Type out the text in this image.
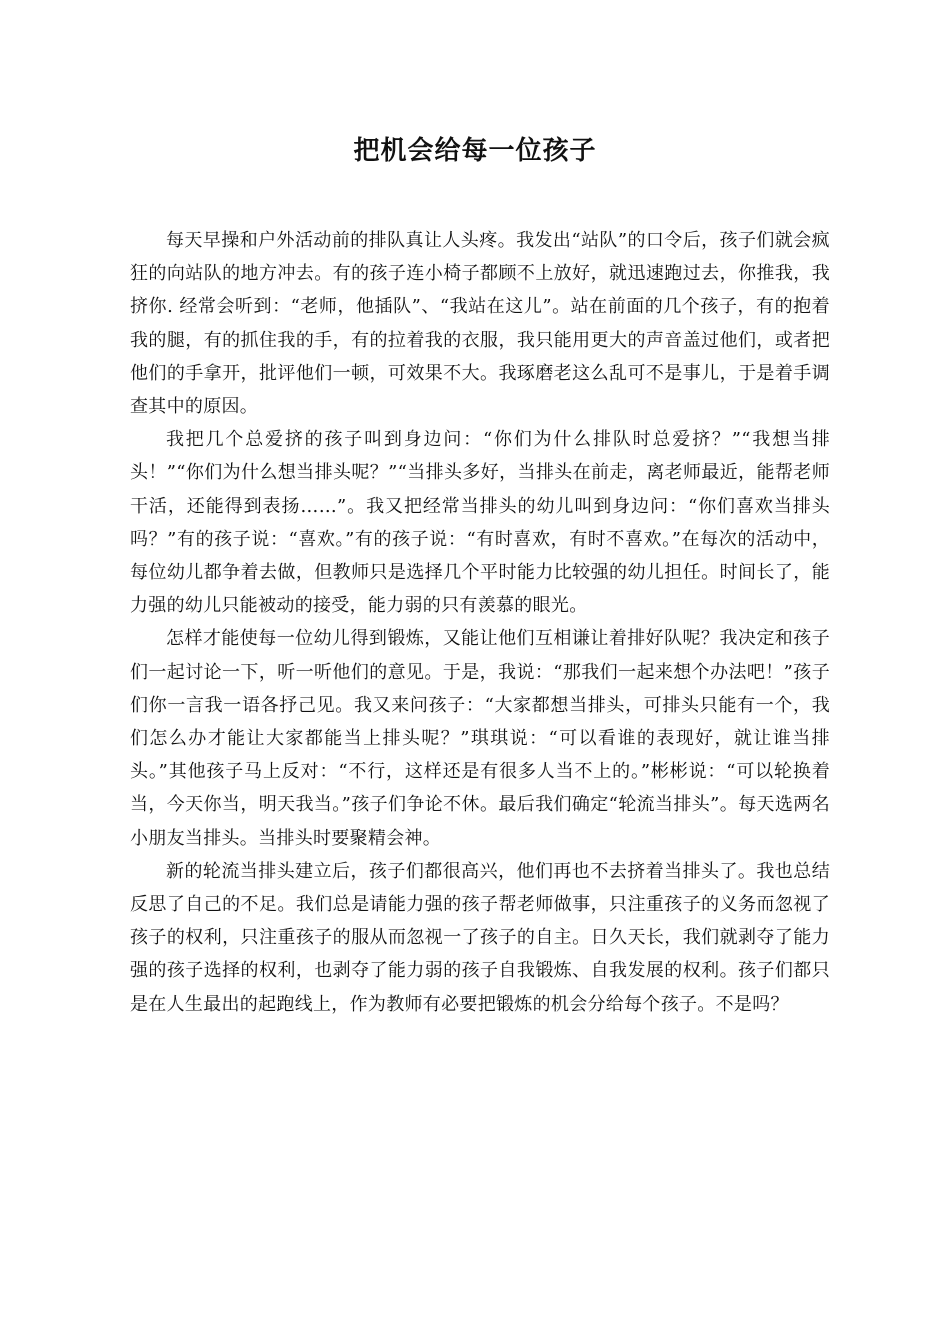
把机会给每一位孩子

每天早操和户外活动前的排队真让人头疼。我发出“站队”的口令后，孩子们就会疯狂的向站队的地方冲去。有的孩子连小椅子都顾不上放好，就迅速跑过去，你推我，我挤你. 经常会听到：“老师，他插队”、“我站在这儿”。站在前面的几个孩子，有的抱着我的腿，有的抓住我的手，有的拉着我的衣服，我只能用更大的声音盖过他们，或者把他们的手拿开，批评他们一顿，可效果不大。我琢磨老这么乱可不是事儿，于是着手调查其中的原因。

我把几个总爱挤的孩子叫到身边问：“你们为什么排队时总爱挤？”“我想当排头！”“你们为什么想当排头呢？”“当排头多好，当排头在前走，离老师最近，能帮老师干活，还能得到表扬……”。我又把经常当排头的幼儿叫到身边问：“你们喜欢当排头吗？”有的孩子说：“喜欢。”有的孩子说：“有时喜欢，有时不喜欢。”在每次的活动中，每位幼儿都争着去做，但教师只是选择几个平时能力比较强的幼儿担任。时间长了，能力强的幼儿只能被动的接受，能力弱的只有羡慕的眼光。

怎样才能使每一位幼儿得到锻炼，又能让他们互相谦让着排好队呢？我决定和孩子们一起讨论一下，听一听他们的意见。于是，我说：“那我们一起来想个办法吧！”孩子们你一言我一语各抒己见。我又来问孩子：“大家都想当排头，可排头只能有一个，我们怎么办才能让大家都能当上排头呢？”琪琪说：“可以看谁的表现好，就让谁当排头。”其他孩子马上反对：“不行，这样还是有很多人当不上的。”彬彬说：“可以轮换着当，今天你当，明天我当。”孩子们争论不休。最后我们确定“轮流当排头”。每天选两名小朋友当排头。当排头时要聚精会神。

新的轮流当排头建立后，孩子们都很高兴，他们再也不去挤着当排头了。我也总结反思了自己的不足。我们总是请能力强的孩子帮老师做事，只注重孩子的义务而忽视了孩子的权利，只注重孩子的服从而忽视一了孩子的自主。日久天长，我们就剥夺了能力强的孩子选择的权利，也剥夺了能力弱的孩子自我锻炼、自我发展的权利。孩子们都只是在人生最出的起跑线上，作为教师有必要把锻炼的机会分给每个孩子。不是吗？
